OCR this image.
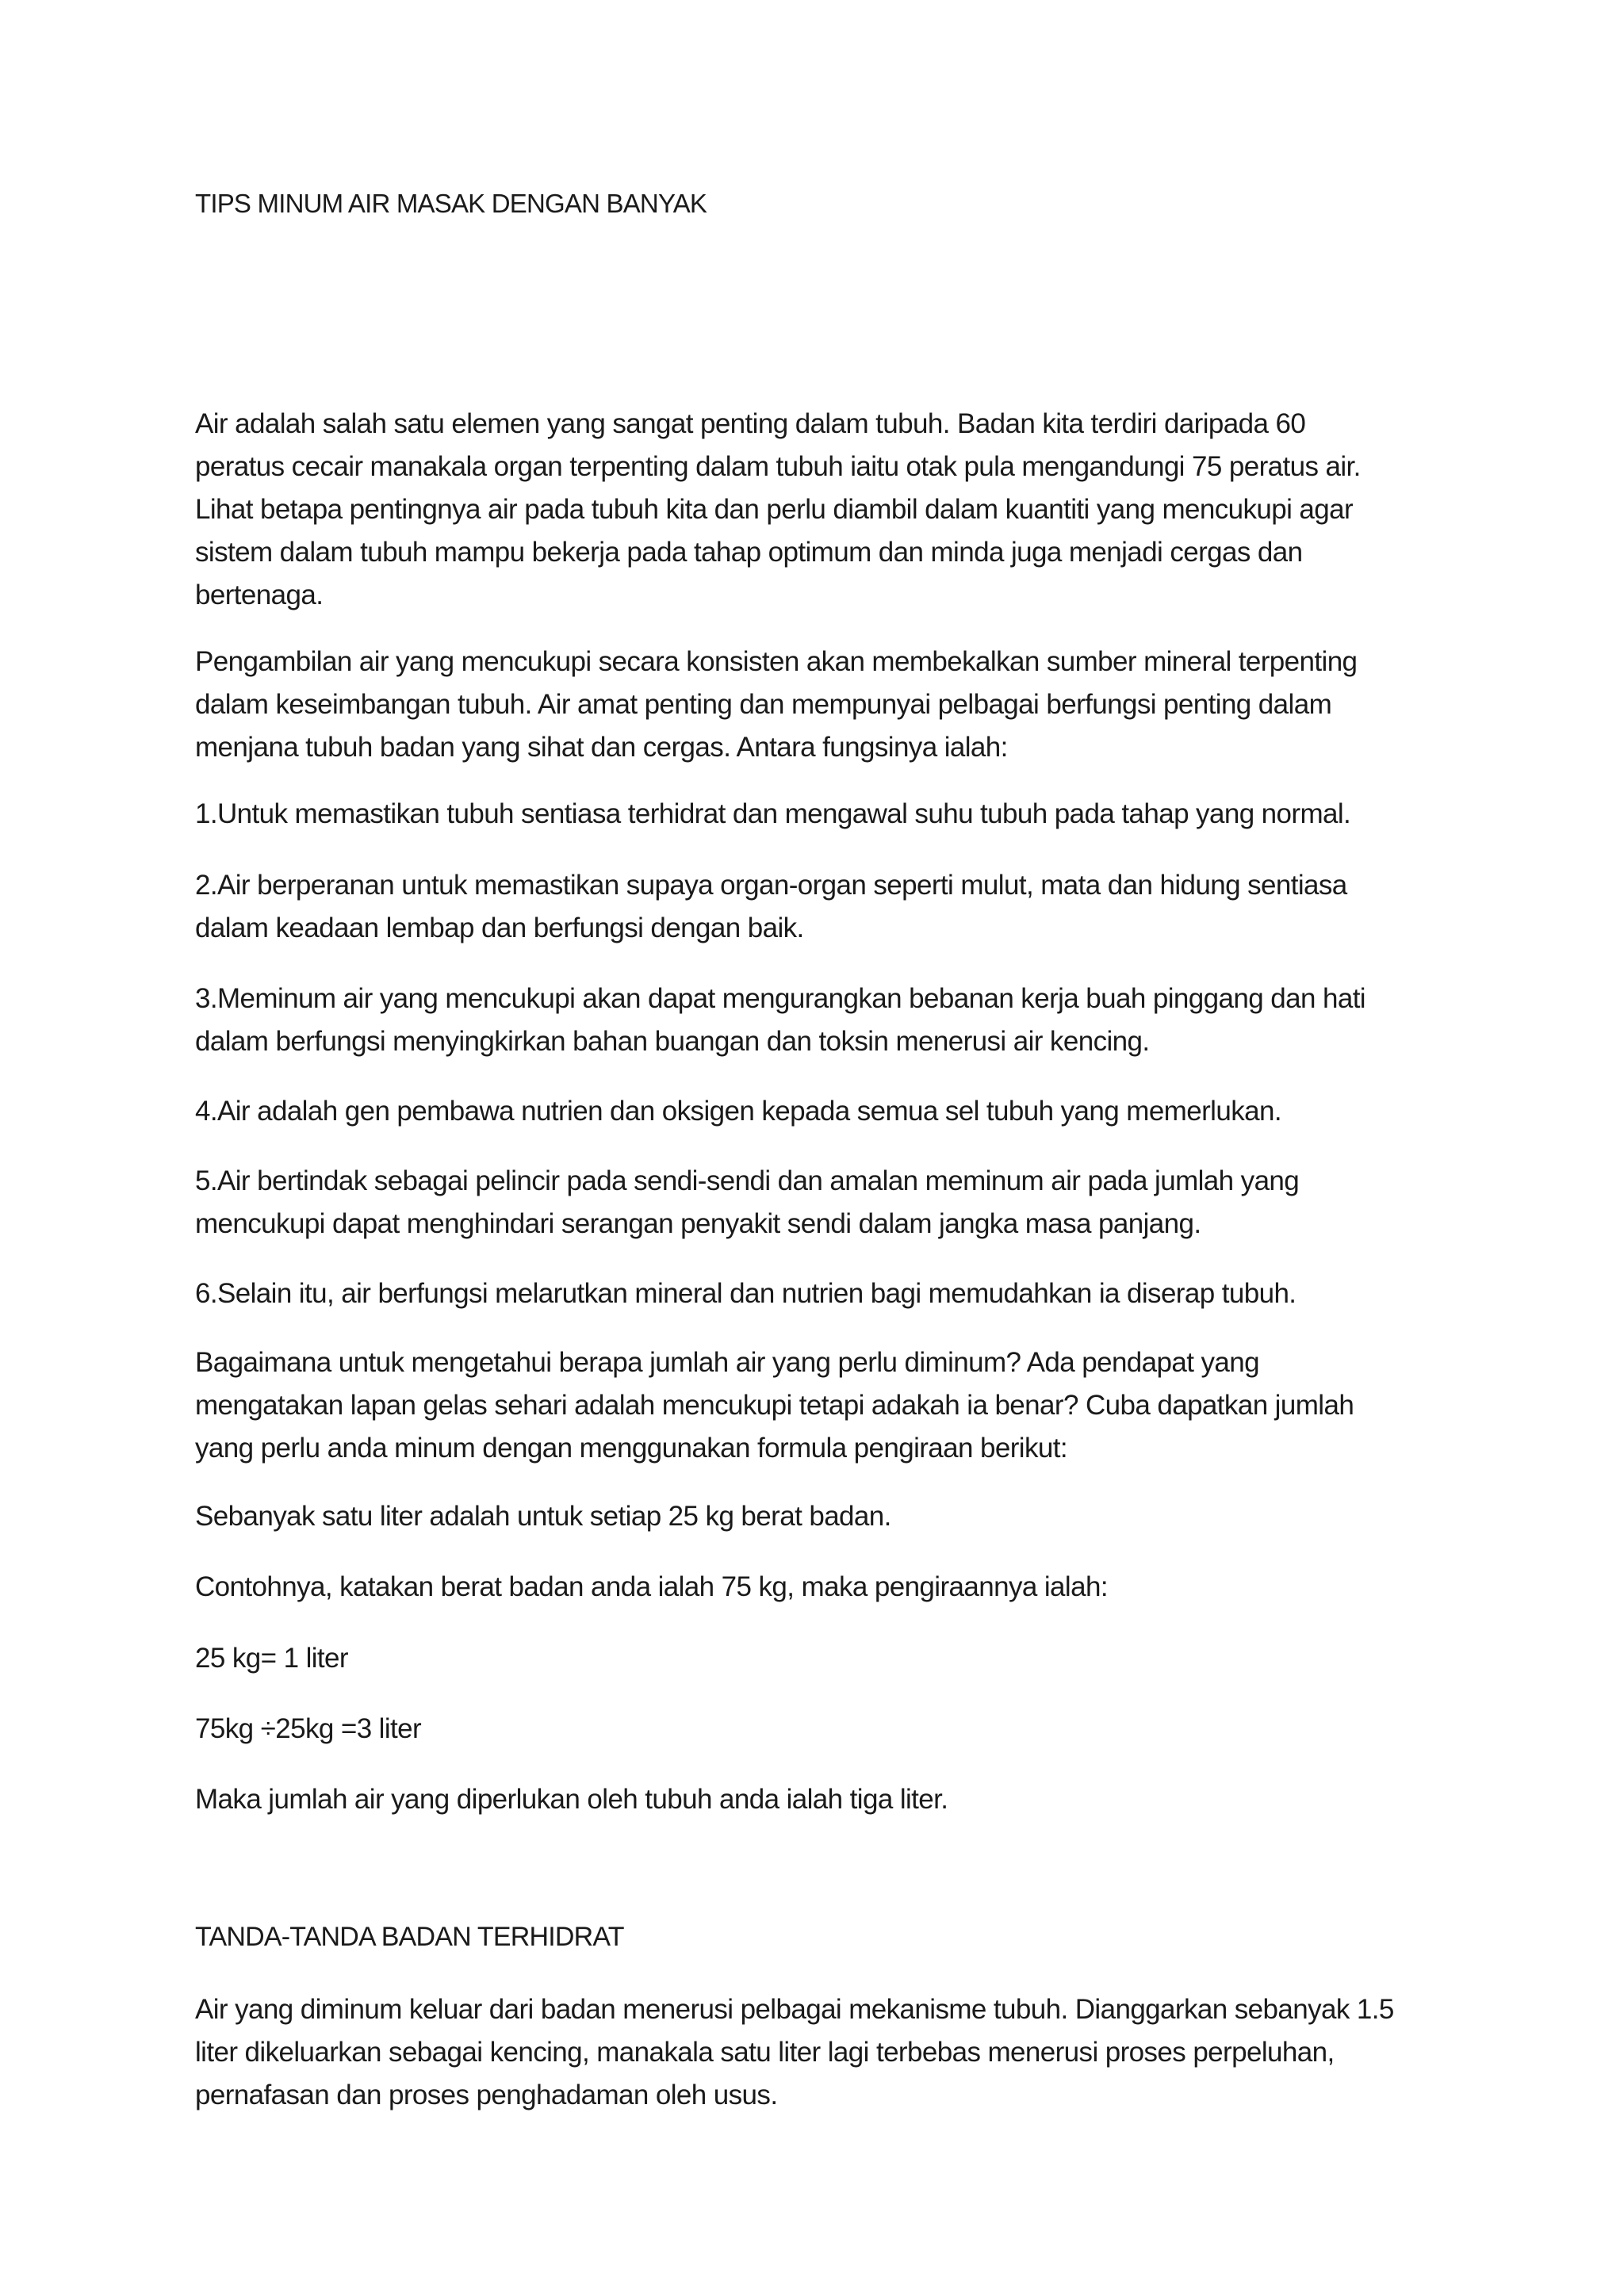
TIPS MINUM AIR MASAK DENGAN BANYAK

Air adalah salah satu elemen yang sangat penting dalam tubuh. Badan kita terdiri daripada 60
peratus cecair manakala organ terpenting dalam tubuh iaitu otak pula mengandungi 75 peratus air.
Lihat betapa pentingnya air pada tubuh kita dan perlu diambil dalam kuantiti yang mencukupi agar
sistem dalam tubuh mampu bekerja pada tahap optimum dan minda juga menjadi cergas dan
bertenaga.

Pengambilan air yang mencukupi secara konsisten akan membekalkan sumber mineral terpenting
dalam keseimbangan tubuh. Air amat penting dan mempunyai pelbagai berfungsi penting dalam
menjana tubuh badan yang sihat dan cergas. Antara fungsinya ialah:

1.Untuk memastikan tubuh sentiasa terhidrat dan mengawal suhu tubuh pada tahap yang normal.

2.Air berperanan untuk memastikan supaya organ-organ seperti mulut, mata dan hidung sentiasa
dalam keadaan lembap dan berfungsi dengan baik.

3.Meminum air yang mencukupi akan dapat mengurangkan bebanan kerja buah pinggang dan hati
dalam berfungsi menyingkirkan bahan buangan dan toksin menerusi air kencing.

4.Air adalah gen pembawa nutrien dan oksigen kepada semua sel tubuh yang memerlukan.

5.Air bertindak sebagai pelincir pada sendi-sendi dan amalan meminum air pada jumlah yang
mencukupi dapat menghindari serangan penyakit sendi dalam jangka masa panjang.

6.Selain itu, air berfungsi melarutkan mineral dan nutrien bagi memudahkan ia diserap tubuh.

Bagaimana untuk mengetahui berapa jumlah air yang perlu diminum? Ada pendapat yang
mengatakan lapan gelas sehari adalah mencukupi tetapi adakah ia benar? Cuba dapatkan jumlah
yang perlu anda minum dengan menggunakan formula pengiraan berikut:

Sebanyak satu liter adalah untuk setiap 25 kg berat badan.

Contohnya, katakan berat badan anda ialah 75 kg, maka pengiraannya ialah:

25 kg= 1 liter

75kg ÷25kg =3 liter

Maka jumlah air yang diperlukan oleh tubuh anda ialah tiga liter.

TANDA-TANDA BADAN TERHIDRAT

Air yang diminum keluar dari badan menerusi pelbagai mekanisme tubuh. Dianggarkan sebanyak 1.5
liter dikeluarkan sebagai kencing, manakala satu liter lagi terbebas menerusi proses perpeluhan,
pernafasan dan proses penghadaman oleh usus.
